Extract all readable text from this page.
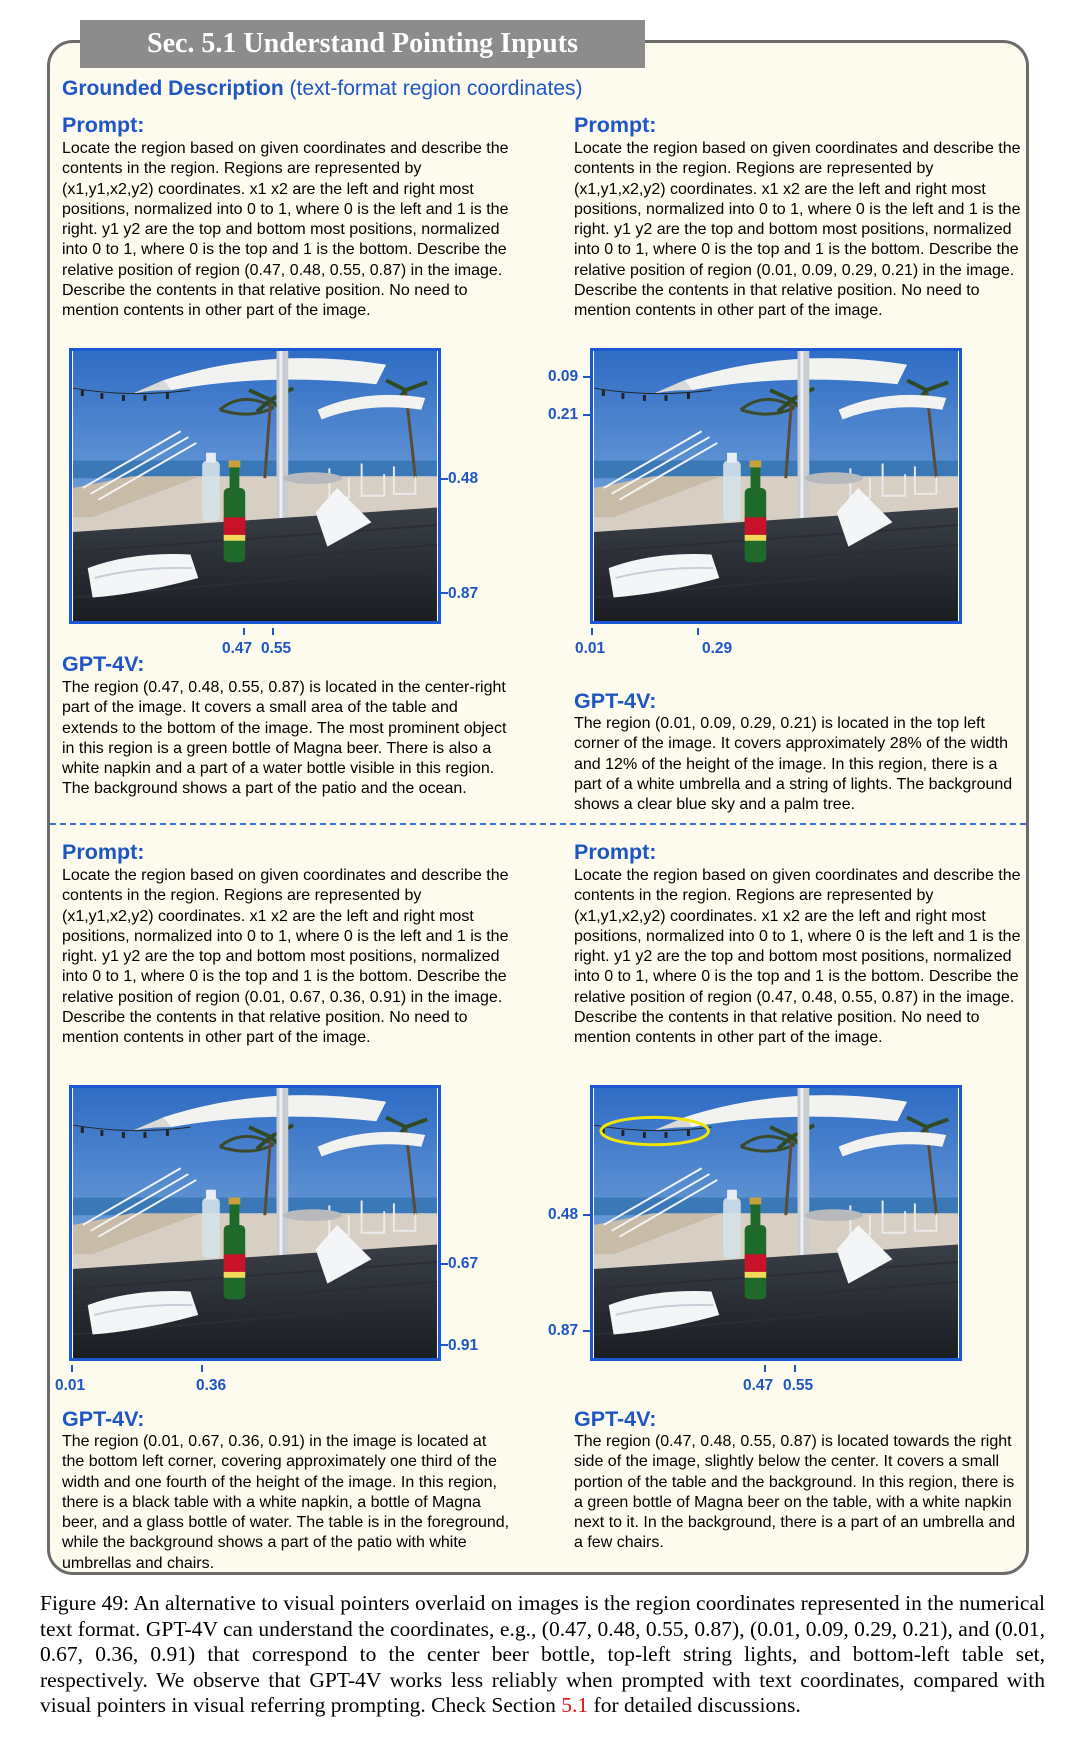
Sec. 5.1 Understand Pointing Inputs
Grounded Description (text-format region coordinates)
Prompt:

Locate the region based on given coordinates and describe the contents in the region. Regions are represented by (x1,y1,x2,y2) coordinates. x1 x2 are the left and right most positions, normalized into 0 to 1, where 0 is the left and 1 is the right. y1 y2 are the top and bottom most positions, normalized into 0 to 1, where 0 is the top and 1 is the bottom. Describe the relative position of region (0.47, 0.48, 0.55, 0.87) in the image. Describe the contents in that relative position. No need to mention contents in other part of the image.

0.48
0.87
0.47 0.55
GPT-4V:

The region (0.47, 0.48, 0.55, 0.87) is located in the center-right part of the image. It covers a small area of the table and extends to the bottom of the image. The most prominent object in this region is a green bottle of Magna beer. There is also a white napkin and a part of a water bottle visible in this region. The background shows a part of the patio and the ocean.

Prompt:

Locate the region based on given coordinates and describe the contents in the region. Regions are represented by (x1,y1,x2,y2) coordinates. x1 x2 are the left and right most positions, normalized into 0 to 1, where 0 is the left and 1 is the right. y1 y2 are the top and bottom most positions, normalized into 0 to 1, where 0 is the top and 1 is the bottom. Describe the relative position of region (0.01, 0.09, 0.29, 0.21) in the image. Describe the contents in that relative position. No need to mention contents in other part of the image.

0.09
0.21
0.01	0.29
GPT-4V:

The region (0.01, 0.09, 0.29, 0.21) is located in the top left corner of the image. It covers approximately 28% of the width and 12% of the height of the image. In this region, there is a part of a white umbrella and a string of lights. The background shows a clear blue sky and a palm tree.

Prompt:

Locate the region based on given coordinates and describe the contents in the region. Regions are represented by (x1,y1,x2,y2) coordinates. x1 x2 are the left and right most positions, normalized into 0 to 1, where 0 is the left and 1 is the right. y1 y2 are the top and bottom most positions, normalized into 0 to 1, where 0 is the top and 1 is the bottom. Describe the relative position of region (0.01, 0.67, 0.36, 0.91) in the image. Describe the contents in that relative position. No need to mention contents in other part of the image.

0.67
0.91
0.01	0.36
GPT-4V:

The region (0.01, 0.67, 0.36, 0.91) in the image is located at the bottom left corner, covering approximately one third of the width and one fourth of the height of the image. In this region, there is a black table with a white napkin, a bottle of Magna beer, and a glass bottle of water. The table is in the foreground, while the background shows a part of the patio with white umbrellas and chairs.

Prompt:

Locate the region based on given coordinates and describe the contents in the region. Regions are represented by (x1,y1,x2,y2) coordinates. x1 x2 are the left and right most positions, normalized into 0 to 1, where 0 is the left and 1 is the right. y1 y2 are the top and bottom most positions, normalized into 0 to 1, where 0 is the top and 1 is the bottom. Describe the relative position of region (0.47, 0.48, 0.55, 0.87) in the image. Describe the contents in that relative position. No need to mention contents in other part of the image.

0.48
0.87
0.47 0.55
GPT-4V:

The region (0.47, 0.48, 0.55, 0.87) is located towards the right side of the image, slightly below the center. It covers a small portion of the table and the background. In this region, there is a green bottle of Magna beer on the table, with a white napkin next to it. In the background, there is a part of an umbrella and a few chairs.

Figure 49: An alternative to visual pointers overlaid on images is the region coordinates represented in the numerical text format. GPT-4V can understand the coordinates, e.g., (0.47, 0.48, 0.55, 0.87), (0.01, 0.09, 0.29, 0.21), and (0.01, 0.67, 0.36, 0.91) that correspond to the center beer bottle, top-left string lights, and bottom-left table set, respectively. We observe that GPT-4V works less reliably when prompted with text coordinates, compared with visual pointers in visual referring prompting. Check Section 5.1 for detailed discussions.
